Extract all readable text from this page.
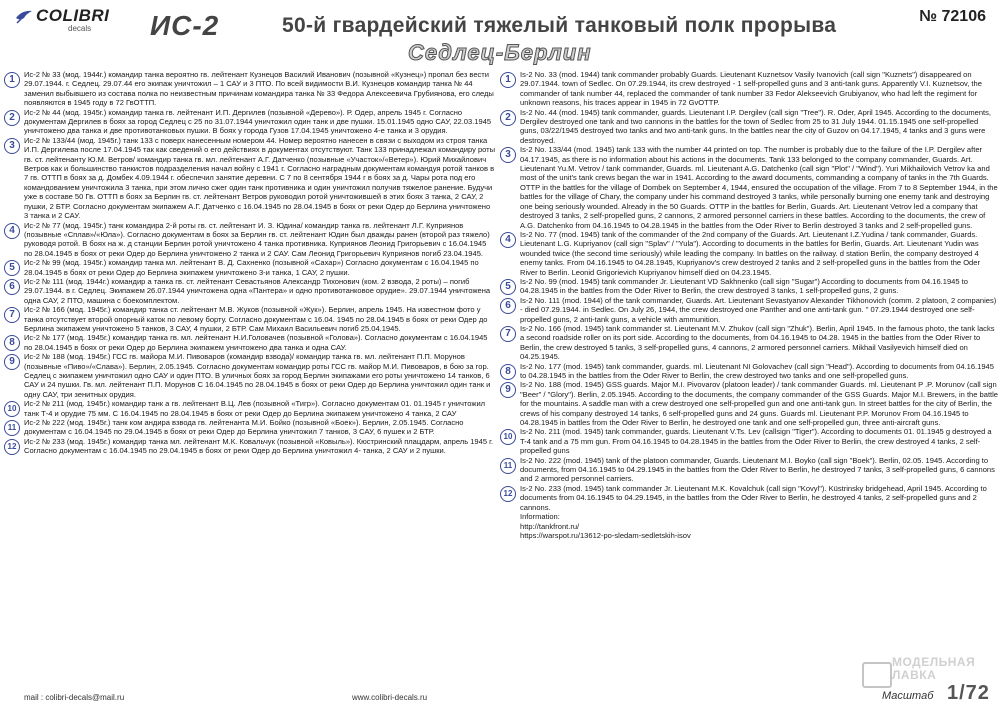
COLIBRI
decals ИС-2	50-й гвардейский тяжелый танковый полк прорыва
Седлец-Берлин
№ 72106
1	Ис-2 № 33 (мод. 1944г.) командир танка вероятно гв. лейтенант Кузнецов Василий Иванович (позывной «Кузнец») пропал без вести 29.07.1944. г. Седлец. 29.07.44 его экипаж уничтожил – 1 САУ и 3 ПТО. По всей видимости В.И. Кузнецов командир танка № 44 заменил выбывшего из состава полка по неизвестным причинам командира танка № 33 Федора Алексеевича Грубиянова, его следы появляются в 1945 году в 72 ГвОТТП.
2	Ис-2 № 44 (мод. 1945г.) командир танка гв. лейтенант И.П. Дергилев (позывной «Дерево»). Р. Одер, апрель 1945 г. Согласно документам Дергилев в боях за город Седлец с 25 по 31.07.1944 уничтожил один танк и две пушки. 15.01.1945 одно САУ, 22.03.1945 уничтожено два танка и две противотанковых пушки. В боях у города Гузов 17.04.1945 уничтожено 4-е танка и 3 орудия.
3	Ис-2 № 133/44 (мод. 1945г.) танк 133 с поверх нанесенным номером 44. Номер вероятно нанесен в связи с выходом из строя танка И.П. Дергилева после 17.04.1945 так как сведений о его действиях в документах отсутствуют. Танк 133 принадлежал командиру роты гв. ст. лейтенанту Ю.М. Ветров/ командир танка гв. мл. лейтенант А.Г. Датченко (позывные «Участок»/«Ветер»). Юрий Михайлович Ветров как и большинство танкистов подразделения начал войну с 1941 г. Согласно наградным документам командуя ротой танков в 7 гв. ОТТП в боях за д. Домбек 4.09.1944 г. обеспечил занятие деревни. С 7 по 8 сентября 1944 г в боях за д. Чары рота под его командованием уничтожила 3 танка, при этом лично сжег один танк противника и один уничтожил получив тяжелое ранение. Будучи уже в составе 50 Гв. ОТТП в боях за Берлин гв. ст. лейтенант Ветров руководил ротой уничтожившей в этих боях 3 танка, 2 САУ, 2 пушки, 2 БТР. Согласно документам экипажем А.Г. Датченко с 16.04.1945 по 28.04.1945 в боях от реки Одер до Берлина уничтожено 3 танка и 2 САУ.
4	Ис-2 № 77 (мод. 1945г.) танк командира 2-й роты гв. ст. лейтенант И. З. Юдина/ командир танка гв. лейтенант Л.Г. Куприянов (позывные «Сплав»/«Юла»). Согласно документам в боях за Берлин гв. ст. лейтенант Юдин был дважды ранен (второй раз тяжело) руководя ротой. В боях на ж. д станции Берлин ротой уничтожено 4 танка противника. Куприянов Леонид Григорьевич с 16.04.1945 по 28.04.1945 в боях от реки Одер до Берлина уничтожено 2 танка и 2 САУ. Сам Леонид Григорьевич Куприянов погиб 23.04.1945.
5	Ис-2 № 99 (мод. 1945г.) командир танка мл. лейтенант В. Д. Сахненко (позывной «Сахар») Согласно документам с 16.04.1945 по 28.04.1945 в боях от реки Одер до Берлина экипажем уничтожено 3-и танка, 1 САУ, 2 пушки.
6	Ис-2 № 111 (мод. 1944г.) командир а танка гв. ст. лейтенант Севастьянов Александр Тихонович (ком. 2 взвода, 2 роты) – погиб 29.07.1944. в г. Седлец. Экипажем 26.07.1944 уничтожена одна «Пантера» и одно противотанковое орудие». 29.07.1944 уничтожена одна САУ, 2 ПТО, машина с боекомплектом.
7	Ис-2 № 166 (мод. 1945г.) командир танка ст. лейтенант М.В. Жуков (позывной «Жук»). Берлин, апрель 1945. На известном фото у танка отсутствует второй опорный каток по левому борту. Согласно документам с 16.04. 1945 по 28.04.1945 в боях от реки Одер до Берлина экипажем уничтожено 5 танков, 3 САУ, 4 пушки, 2 БТР. Сам Михаил Васильевич погиб 25.04.1945.
8	Ис-2 № 177 (мод. 1945г.) командир танка гв. мл. лейтенант Н.И.Головачев (позывной «Голова»). Согласно документам с 16.04.1945 по 28.04.1945 в боях от реки Одер до Берлина экипажем уничтожено два танка и одна САУ.
9	Ис-2 № 188 (мод. 1945г.) ГСС гв. майора М.И. Пивоваров (командир взвода)/ командир танка гв. мл. лейтенант П.П. Морунов (позывные «Пиво»/«Слава»). Берлин, 2.05.1945. Согласно документам командир роты ГСС гв. майор М.И. Пивоваров, в бою за гор. Седлец с экипажем уничтожил одно САУ и один ПТО. В уличных боях за город Берлин экипажами его роты уничтожено 14 танков, 6 САУ и 24 пушки. Гв. мл. лейтенант П.П. Морунов С 16.04.1945 по 28.04.1945 в боях от реки Одер до Берлина уничтожил один танк и одну САУ, три зенитных орудия.
10
Ис-2 № 211 (мод. 1945г.) командир танк а гв. лейтенант В.Ц. Лев (позывной «Тигр»). Согласно документам 01. 01.1945 г уничтожил танк Т-4 и орудие 75 мм. С 16.04.1945 по 28.04.1945 в боях от реки Одер до Берлина экипажем уничтожено 4 танка, 2 САУ
11
Ис-2 № 222 (мод. 1945г.) танк ком андира взвода гв. лейтенанта М.И. Бойко (позывной «Боек»). Берлин, 2.05.1945. Согласно документам с 16.04.1945 по 29.04.1945 в боях от реки Одер до Берлина уничтожил 7 танков, 3 САУ, 6 пушек и 2 БТР.
12
Ис-2 № 233 (мод. 1945г.) командир танка мл. лейтенант М.К. Ковальчук (позывной «Ковыль»). Кюстринский плацдарм, апрель 1945 г. Согласно документам с 16.04.1945 по 29.04.1945 в боях от реки Одер до Берлина уничтожил 4- танка, 2 САУ и 2 пушки.
1	Is-2 No. 33 (mod. 1944) tank commander probably Guards. Lieutenant Kuznetsov Vasily Ivanovich (call sign "Kuznets") disappeared on 29.07.1944. town of Sedlec. On 07.29.1944, its crew destroyed - 1 self-propelled guns and 3 anti-tank guns. Apparently V.I. Kuznetsov, the commander of tank number 44, replaced the commander of tank number 33 Fedor Alekseevich Grubiyanov, who had left the regiment for unknown reasons, his traces appear in 1945 in 72 GvOTTP.
2	Is-2 No. 44 (mod. 1945) tank commander, guards. Lieutenant I.P. Dergilev (call sign "Tree"). R. Oder, April 1945. According to the documents, Dergilev destroyed one tank and two cannons in the battles for the town of Sedlec from 25 to 31 July 1944. 01.15.1945 one self-propelled guns, 03/22/1945 destroyed two tanks and two anti-tank guns. In the battles near the city of Guzov on 04.17.1945, 4 tanks and 3 guns were destroyed.
3	Is-2 No. 133/44 (mod. 1945) tank 133 with the number 44 printed on top. The number is probably due to the failure of the I.P. Dergilev after 04.17.1945, as there is no information about his actions in the documents. Tank 133 belonged to the company commander, Guards. Art. Lieutenant Yu.M. Vetrov / tank commander, Guards. ml. Lieutenant A.G. Datchenko (call sign "Plot" / "Wind"). Yuri Mikhailovich Vetrov ka and most of the unit's tank crews began the war in 1941. According to the award documents, commanding a company of tanks in the 7th Guards. OTTP in the battles for the village of Dombek on September 4, 1944, ensured the occupation of the village. From 7 to 8 September 1944, in the battles for the village of Chary, the company under his command destroyed 3 tanks, while personally burning one enemy tank and destroying one being seriously wounded. Already in the 50 Guards. OTTP in the battles for Berlin, Guards. Art. Lieutenant Vetrov led a company that destroyed 3 tanks, 2 self-propelled guns, 2 cannons, 2 armored personnel carriers in these battles. According to the documents, the crew of A.G. Datchenko from 04.16.1945 to 04.28.1945 in the battles from the Oder River to Berlin destroyed 3 tanks and 2 self-propelled guns.
4	Is-2 No. 77 (mod. 1945) tank of the commander of the 2nd company of the Guards. Art. Lieutenant I.Z.Yudina / tank commander, Guards. Lieutenant L.G. Kupriyanov (call sign "Splav" / "Yula"). According to documents in the battles for Berlin, Guards. Art. Lieutenant Yudin was wounded twice (the second time seriously) while leading the company. In battles on the railway. d station Berlin, the company destroyed 4 enemy tanks. From 04.16.1945 to 04.28.1945, Kupriyanov's crew destroyed 2 tanks and 2 self-propelled guns in the battles from the Oder River to Berlin. Leonid Grigorievich Kupriyanov himself died on 04.23.1945.
5	Is-2 No. 99 (mod. 1945) tank commander Jr. Lieutenant VD Sakhnenko (call sign "Sugar") According to documents from 04.16.1945 to 04.28.1945 in the battles from the Oder River to Berlin, the crew destroyed 3 tanks, 1 self-propelled guns, 2 guns.
6	Is-2 No. 111 (mod. 1944) of the tank commander, Guards. Art. Lieutenant Sevastyanov Alexander Tikhonovich (comm. 2 platoon, 2 companies) - died 07.29.1944. in Sedlec. On July 26, 1944, the crew destroyed one Panther and one anti-tank gun. " 07.29.1944 destroyed one self-propelled guns, 2 anti-tank guns, a vehicle with ammunition.
7	Is-2 No. 166 (mod. 1945) tank commander st. Lieutenant M.V. Zhukov (call sign "Zhuk"). Berlin, April 1945. In the famous photo, the tank lacks a second roadside roller on its port side. According to the documents, from 04.16.1945 to 04.28. 1945 in the battles from the Oder River to Berlin, the crew destroyed 5 tanks, 3 self-propelled guns, 4 cannons, 2 armored personnel carriers. Mikhail Vasilyevich himself died on 04.25.1945.
8	Is-2 No. 177 (mod. 1945) tank commander, guards. ml. Lieutenant NI Golovachev (call sign "Head"). According to documents from 04.16.1945 to 04.28.1945 in the battles from the Oder River to Berlin, the crew destroyed two tanks and one self-propelled guns.
9	Is-2 No. 188 (mod. 1945) GSS guards. Major M.I. Pivovarov (platoon leader) / tank commander Guards. ml. Lieutenant P .P. Morunov (call sign "Beer" / "Glory"). Berlin, 2.05.1945. According to the documents, the company commander of the GSS Guards. Major M.I. Brewers, in the battle for the mountains. A saddle man with a crew destroyed one self-propelled gun and one anti-tank gun. In street battles for the city of Berlin, the crews of his company destroyed 14 tanks, 6 self-propelled guns and 24 guns. Guards ml. Lieutenant P.P. Morunov From 04.16.1945 to 04.28.1945 in battles from the Oder River to Berlin, he destroyed one tank and one self-propelled gun, three anti-aircraft guns.
10
Is-2 No. 211 (mod. 1945) tank commander, guards. Lieutenant V.Ts. Lev (callsign "Tiger"). According to documents 01. 01.1945 g destroyed a T-4 tank and a 75 mm gun. From 04.16.1945 to 04.28.1945 in the battles from the Oder River to Berlin, the crew destroyed 4 tanks, 2 self-propelled guns
11
Is-2 No. 222 (mod. 1945) tank of the platoon commander, Guards. Lieutenant M.I. Boyko (call sign "Boek"). Berlin, 02.05. 1945. According to documents, from 04.16.1945 to 04.29.1945 in the battles from the Oder River to Berlin, he destroyed 7 tanks, 3 self-propelled guns, 6 cannons and 2 armored personnel carriers.
12
Is-2 No. 233 (mod. 1945) tank commander Jr. Lieutenant M.K. Kovalchuk (call sign "Kovyl"). Küstrinsky bridgehead, April 1945. According to documents from 04.16.1945 to 04.29.1945, in the battles from the Oder River to Berlin, he destroyed 4 tanks, 2 self-propelled guns and 2 cannons.

Information:

http://tankfront.ru/

https://warspot.ru/13612-po-sledam-sedletskih-isov

mail : colibri-decals@mail.ru	www.colibri-decals.ru
МОДЕЛЬНАЯ ЛАВКА
Масштаб 1/72
